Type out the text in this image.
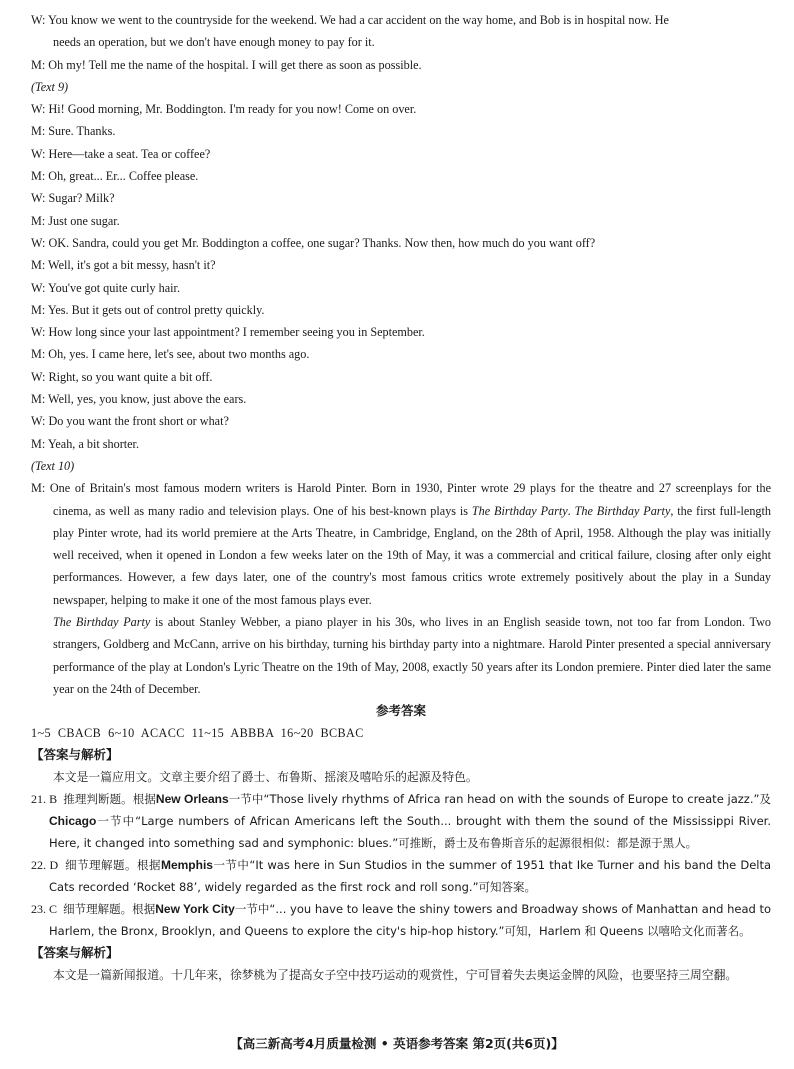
W: You know we went to the countryside for the weekend. We had a car accident on the way home, and Bob is in hospital now. He
needs an operation, but we don't have enough money to pay for it.
M: Oh my! Tell me the name of the hospital. I will get there as soon as possible.
(Text 9)
W: Hi! Good morning, Mr. Boddington. I'm ready for you now! Come on over.
M: Sure. Thanks.
W: Here—take a seat. Tea or coffee?
M: Oh, great... Er... Coffee please.
W: Sugar? Milk?
M: Just one sugar.
W: OK. Sandra, could you get Mr. Boddington a coffee, one sugar? Thanks. Now then, how much do you want off?
M: Well, it's got a bit messy, hasn't it?
W: You've got quite curly hair.
M: Yes. But it gets out of control pretty quickly.
W: How long since your last appointment? I remember seeing you in September.
M: Oh, yes. I came here, let's see, about two months ago.
W: Right, so you want quite a bit off.
M: Well, yes, you know, just above the ears.
W: Do you want the front short or what?
M: Yeah, a bit shorter.
(Text 10)
M: One of Britain's most famous modern writers is Harold Pinter. Born in 1930, Pinter wrote 29 plays for the theatre and 27 screenplays for the cinema, as well as many radio and television plays. One of his best-known plays is The Birthday Party. The Birthday Party, the first full-length play Pinter wrote, had its world premiere at the Arts Theatre, in Cambridge, England, on the 28th of April, 1958. Although the play was initially well received, when it opened in London a few weeks later on the 19th of May, it was a commercial and critical failure, closing after only eight performances. However, a few days later, one of the country's most famous critics wrote extremely positively about the play in a Sunday newspaper, helping to make it one of the most famous plays ever.
The Birthday Party is about Stanley Webber, a piano player in his 30s, who lives in an English seaside town, not too far from London. Two strangers, Goldberg and McCann, arrive on his birthday, turning his birthday party into a nightmare. Harold Pinter presented a special anniversary performance of the play at London's Lyric Theatre on the 19th of May, 2008, exactly 50 years after its London premiere. Pinter died later the same year on the 24th of December.
参考答案
1~5  CBACB  6~10  ACACC  11~15  ABBBA  16~20  BCBAC
【答案与解析】
本文是一篇应用文。文章主要介绍了爵士、布鲁斯、摇滚及嘻哈乐的起源及特色。
21. B 推理判断题。根据New Orleans一节中“Those lively rhythms of Africa ran head on with the sounds of Europe to create jazz.”及Chicago一节中“Large numbers of African Americans left the South... brought with them the sound of the Mississippi River. Here, it changed into something sad and symphonic: blues.”可推断，爵士及布鲁斯音乐的起源很相似：都是源于黑人。
22. D 细节理解题。根据Memphis一节中“It was here in Sun Studios in the summer of 1951 that Ike Turner and his band the Delta Cats recorded ‘Rocket 88’, widely regarded as the first rock and roll song.”可知答案。
23. C 细节理解题。根据New York City一节中“... you have to leave the shiny towers and Broadway shows of Manhattan and head to Harlem, the Bronx, Brooklyn, and Queens to explore the city's hip-hop history.”可知，Harlem 和 Queens 以嘻哈文化而著名。
【答案与解析】
本文是一篇新闻报道。十几年来，徐梦桃为了提高女子空中技巧运动的观赏性，宁可冒着失去奥运金牌的风险，也要坚持三周空翻。
【高三新高考4月质量检测 • 英语参考答案 第2页(共6页)】
